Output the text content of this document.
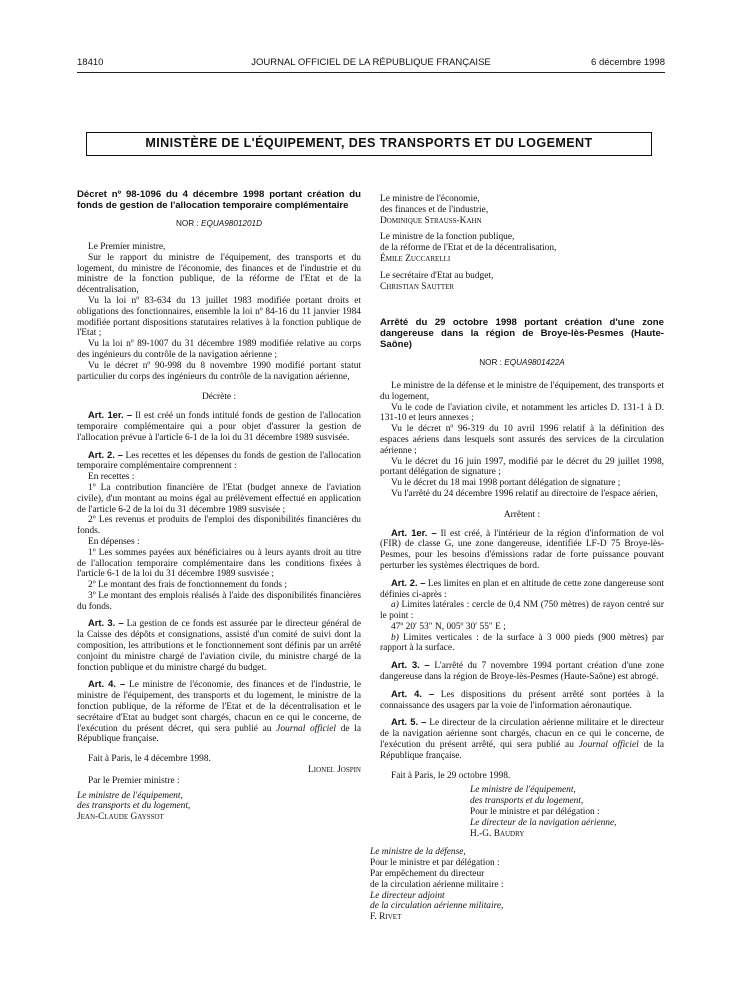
18410	JOURNAL OFFICIEL DE LA RÉPUBLIQUE FRANÇAISE	6 décembre 1998
MINISTÈRE DE L'ÉQUIPEMENT, DES TRANSPORTS ET DU LOGEMENT
Décret nº 98-1096 du 4 décembre 1998 portant création du fonds de gestion de l'allocation temporaire complémentaire
NOR : EQUA9801201D

Le Premier ministre,

Sur le rapport du ministre de l'équipement, des transports et du logement, du ministre de l'économie, des finances et de l'industrie et du ministre de la fonction publique, de la réforme de l'Etat et de la décentralisation,

Vu la loi nº 83-634 du 13 juillet 1983 modifiée portant droits et obligations des fonctionnaires, ensemble la loi nº 84-16 du 11 janvier 1984 modifiée portant dispositions statutaires relatives à la fonction publique de l'Etat ;

Vu la loi nº 89-1007 du 31 décembre 1989 modifiée relative au corps des ingénieurs du contrôle de la navigation aérienne ;

Vu le décret nº 90-998 du 8 novembre 1990 modifié portant statut particulier du corps des ingénieurs du contrôle de la navigation aérienne,

Décrète :

Art. 1er. – Il est créé un fonds intitulé fonds de gestion de l'allocation temporaire complémentaire qui a pour objet d'assurer la gestion de l'allocation prévue à l'article 6-1 de la loi du 31 décembre 1989 susvisée.

Art. 2. – Les recettes et les dépenses du fonds de gestion de l'allocation temporaire complémentaire comprennent :

En recettes :

1º La contribution financière de l'Etat (budget annexe de l'aviation civile), d'un montant au moins égal au prélèvement effectué en application de l'article 6-2 de la loi du 31 décembre 1989 susvisée ;

2º Les revenus et produits de l'emploi des disponibilités financières du fonds.

En dépenses :

1º Les sommes payées aux bénéficiaires ou à leurs ayants droit au titre de l'allocation temporaire complémentaire dans les conditions fixées à l'article 6-1 de la loi du 31 décembre 1989 susvisée ;

2º Le montant des frais de fonctionnement du fonds ;

3º Le montant des emplois réalisés à l'aide des disponibilités financières du fonds.

Art. 3. – La gestion de ce fonds est assurée par le directeur général de la Caisse des dépôts et consignations, assisté d'un comité de suivi dont la composition, les attributions et le fonctionnement sont définis par un arrêté conjoint du ministre chargé de l'aviation civile, du ministre chargé de la fonction publique et du ministre chargé du budget.

Art. 4. – Le ministre de l'économie, des finances et de l'industrie, le ministre de l'équipement, des transports et du logement, le ministre de la fonction publique, de la réforme de l'Etat et de la décentralisation et le secrétaire d'Etat au budget sont chargés, chacun en ce qui le concerne, de l'exécution du présent décret, qui sera publié au Journal officiel de la République française.

Fait à Paris, le 4 décembre 1998.

Lionel Jospin

Par le Premier ministre :

Le ministre de l'équipement,

des transports et du logement,

Jean-Claude Gayssot

Le ministre de l'économie,

des finances et de l'industrie,

Dominique Strauss-Kahn

Le ministre de la fonction publique,

de la réforme de l'Etat et de la décentralisation,

Émile Zuccarelli

Le secrétaire d'Etat au budget,

Christian Sautter

Arrêté du 29 octobre 1998 portant création d'une zone dangereuse dans la région de Broye-lès-Pesmes (Haute-Saône)
NOR : EQUA9801422A

Le ministre de la défense et le ministre de l'équipement, des transports et du logement,

Vu le code de l'aviation civile, et notamment les articles D. 131-1 à D. 131-10 et leurs annexes ;

Vu le décret nº 96-319 du 10 avril 1996 relatif à la définition des espaces aériens dans lesquels sont assurés des services de la circulation aérienne ;

Vu le décret du 16 juin 1997, modifié par le décret du 29 juillet 1998, portant délégation de signature ;

Vu le décret du 18 mai 1998 portant délégation de signature ;

Vu l'arrêté du 24 décembre 1996 relatif au directoire de l'espace aérien,

Arrêtent :

Art. 1er. – Il est créé, à l'intérieur de la région d'information de vol (FIR) de classe G, une zone dangereuse, identifiée LF-D 75 Broye-lès-Pesmes, pour les besoins d'émissions radar de forte puissance pouvant perturber les systèmes électriques de bord.

Art. 2. – Les limites en plan et en altitude de cette zone dangereuse sont définies ci-après :

a) Limites latérales : cercle de 0,4 NM (750 mètres) de rayon centré sur le point :

47º 20′ 53″ N, 005º 30′ 55″ E ;

b) Limites verticales : de la surface à 3 000 pieds (900 mètres) par rapport à la surface.

Art. 3. – L'arrêté du 7 novembre 1994 portant création d'une zone dangereuse dans la région de Broye-lès-Pesmes (Haute-Saône) est abrogé.

Art. 4. – Les dispositions du présent arrêté sont portées à la connaissance des usagers par la voie de l'information aéronautique.

Art. 5. – Le directeur de la circulation aérienne militaire et le directeur de la navigation aérienne sont chargés, chacun en ce qui le concerne, de l'exécution du présent arrêté, qui sera publié au Journal officiel de la République française.

Fait à Paris, le 29 octobre 1998.

Le ministre de l'équipement,

des transports et du logement,

Pour le ministre et par délégation :

Le directeur de la navigation aérienne,

H.-G. Baudry

Le ministre de la défense,

Pour le ministre et par délégation :

Par empêchement du directeur

de la circulation aérienne militaire :

Le directeur adjoint

de la circulation aérienne militaire,

F. Rivet
